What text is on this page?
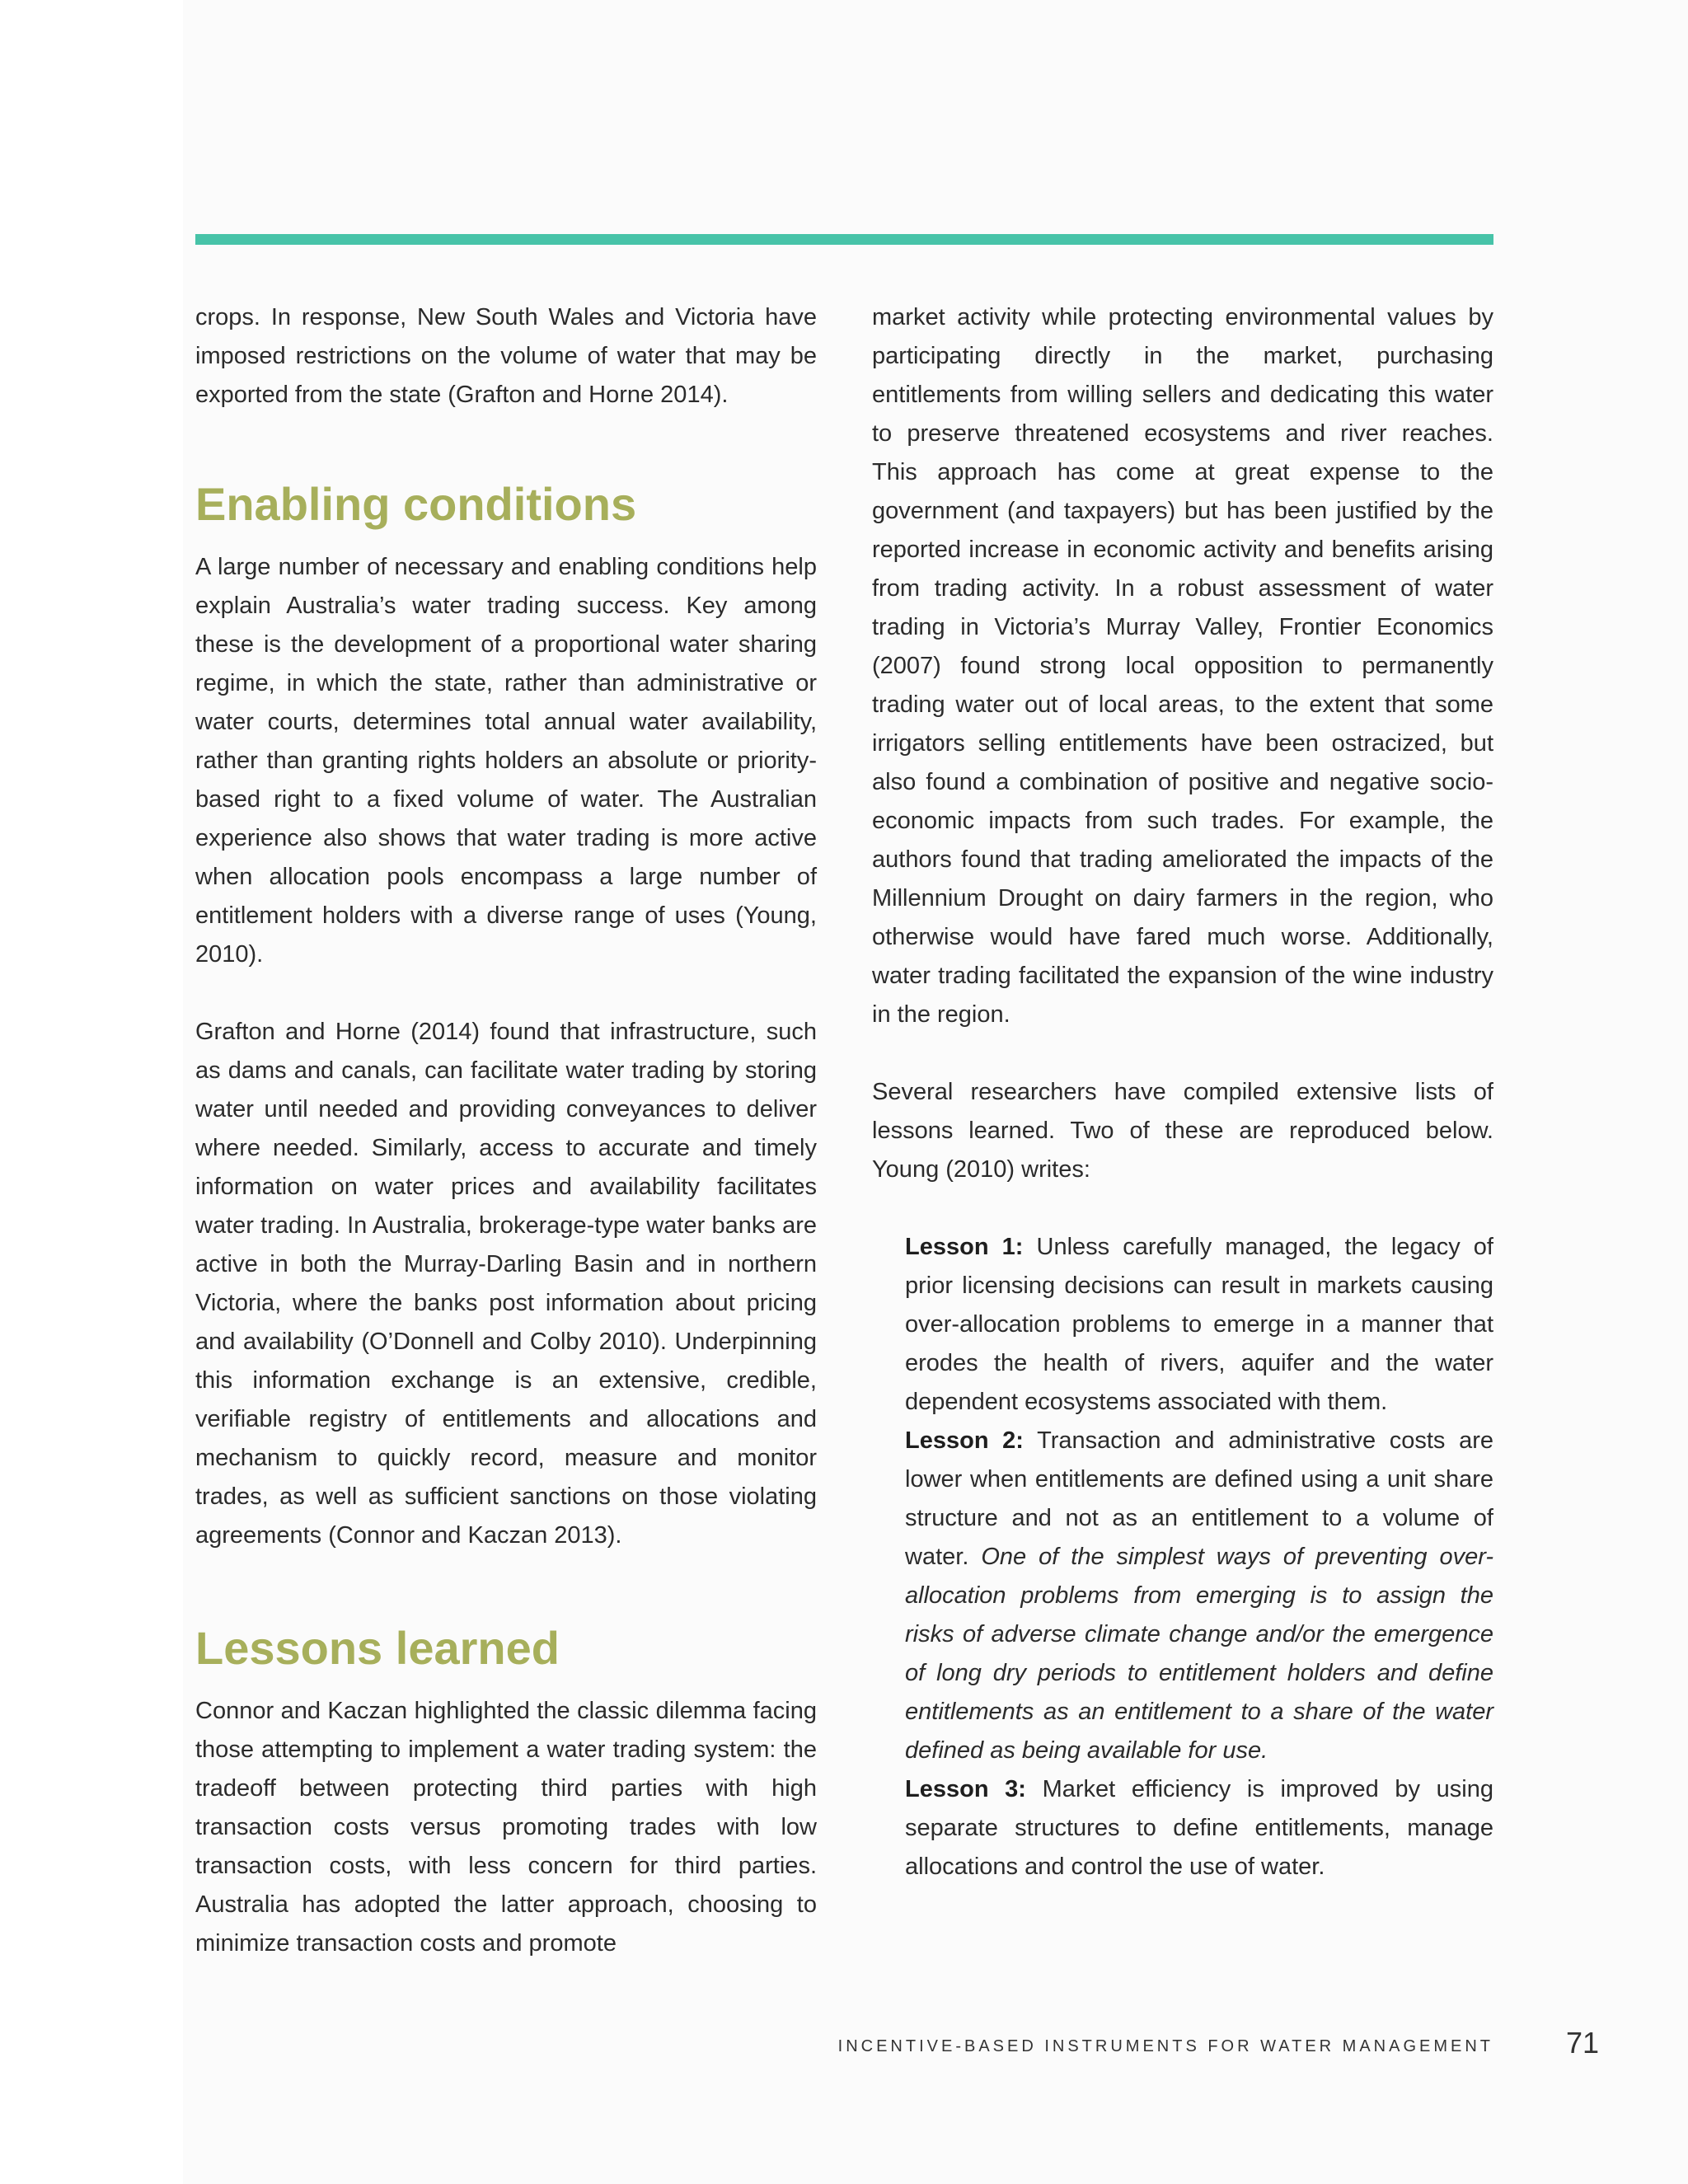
crops. In response, New South Wales and Victoria have imposed restrictions on the volume of water that may be exported from the state (Grafton and Horne 2014).

Enabling conditions

A large number of necessary and enabling conditions help explain Australia’s water trading success. Key among these is the development of a proportional water sharing regime, in which the state, rather than administrative or water courts, determines total annual water availability, rather than granting rights holders an absolute or priority-based right to a fixed volume of water. The Australian experience also shows that water trading is more active when allocation pools encompass a large number of entitlement holders with a diverse range of uses (Young, 2010).

Grafton and Horne (2014) found that infrastructure, such as dams and canals, can facilitate water trading by storing water until needed and providing conveyances to deliver where needed. Similarly, access to accurate and timely information on water prices and availability facilitates water trading. In Australia, brokerage-type water banks are active in both the Murray-Darling Basin and in northern Victoria, where the banks post information about pricing and availability (O’Donnell and Colby 2010). Underpinning this information exchange is an extensive, credible, verifiable registry of entitlements and allocations and mechanism to quickly record, measure and monitor trades, as well as sufficient sanctions on those violating agreements (Connor and Kaczan 2013).

Lessons learned

Connor and Kaczan highlighted the classic dilemma facing those attempting to implement a water trading system: the tradeoff between protecting third parties with high transaction costs versus promoting trades with low transaction costs, with less concern for third parties. Australia has adopted the latter approach, choosing to minimize transaction costs and promote

market activity while protecting environmental values by participating directly in the market, purchasing entitlements from willing sellers and dedicating this water to preserve threatened ecosystems and river reaches. This approach has come at great expense to the government (and taxpayers) but has been justified by the reported increase in economic activity and benefits arising from trading activity. In a robust assessment of water trading in Victoria’s Murray Valley, Frontier Economics (2007) found strong local opposition to permanently trading water out of local areas, to the extent that some irrigators selling entitlements have been ostracized, but also found a combination of positive and negative socio-economic impacts from such trades. For example, the authors found that trading ameliorated the impacts of the Millennium Drought on dairy farmers in the region, who otherwise would have fared much worse. Additionally, water trading facilitated the expansion of the wine industry in the region.

Several researchers have compiled extensive lists of lessons learned. Two of these are reproduced below. Young (2010) writes:

Lesson 1: Unless carefully managed, the legacy of prior licensing decisions can result in markets causing over-allocation problems to emerge in a manner that erodes the health of rivers, aquifer and the water dependent ecosystems associated with them.

Lesson 2: Transaction and administrative costs are lower when entitlements are defined using a unit share structure and not as an entitlement to a volume of water. One of the simplest ways of preventing over-allocation problems from emerging is to assign the risks of adverse climate change and/or the emergence of long dry periods to entitlement holders and define entitlements as an entitlement to a share of the water defined as being available for use.

Lesson 3: Market efficiency is improved by using separate structures to define entitlements, manage allocations and control the use of water.

INCENTIVE-BASED INSTRUMENTS FOR WATER MANAGEMENT 71
